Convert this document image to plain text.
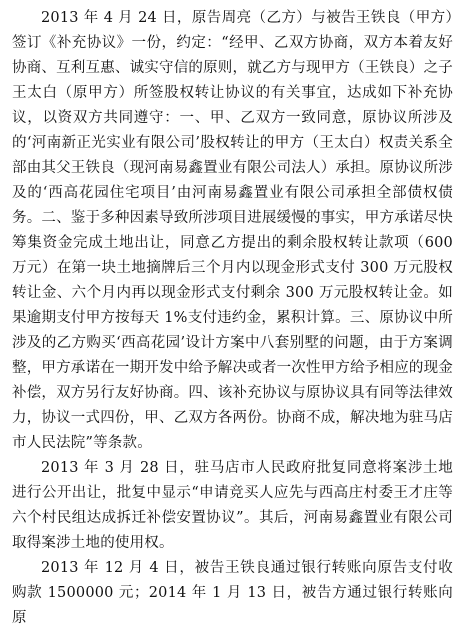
2013 年 4 月 24 日，原告周亮（乙方）与被告王铁良（甲方）签订《补充协议》一份，约定：“经甲、乙双方协商，双方本着友好协商、互利互惠、诚实守信的原则，就乙方与现甲方（王铁良）之子王太白（原甲方）所签股权转让协议的有关事宜，达成如下补充协议，以资双方共同遵守：一、甲、乙双方一致同意，原协议所涉及的‘河南新正光实业有限公司’股权转让的甲方（王太白）权责关系全部由其父王铁良（现河南易鑫置业有限公司法人）承担。原协议所涉及的‘西高花园住宅项目’由河南易鑫置业有限公司承担全部债权债务。二、鉴于多种因素导致所涉项目进展缓慢的事实，甲方承诺尽快筹集资金完成土地出让，同意乙方提出的剩余股权转让款项（600 万元）在第一块土地摘牌后三个月内以现金形式支付 300 万元股权转让金、六个月内再以现金形式支付剩余 300 万元股权转让金。如果逾期支付甲方按每天 1%支付违约金，累积计算。三、原协议中所涉及的乙方购买‘西高花园’设计方案中八套别墅的问题，由于方案调整，甲方承诺在一期开发中给予解决或者一次性甲方给予相应的现金补偿，双方另行友好协商。四、该补充协议与原协议具有同等法律效力，协议一式四份，甲、乙双方各两份。协商不成，解决地为驻马店市人民法院”等条款。

2013 年 3 月 28 日，驻马店市人民政府批复同意将案涉土地进行公开出让，批复中显示“申请竞买人应先与西高庄村委王才庄等六个村民组达成拆迁补偿安置协议”。其后，河南易鑫置业有限公司取得案涉土地的使用权。

2013 年 12 月 4 日，被告王铁良通过银行转账向原告支付收购款 1500000 元；2014 年 1 月 13 日，被告方通过银行转账向原
